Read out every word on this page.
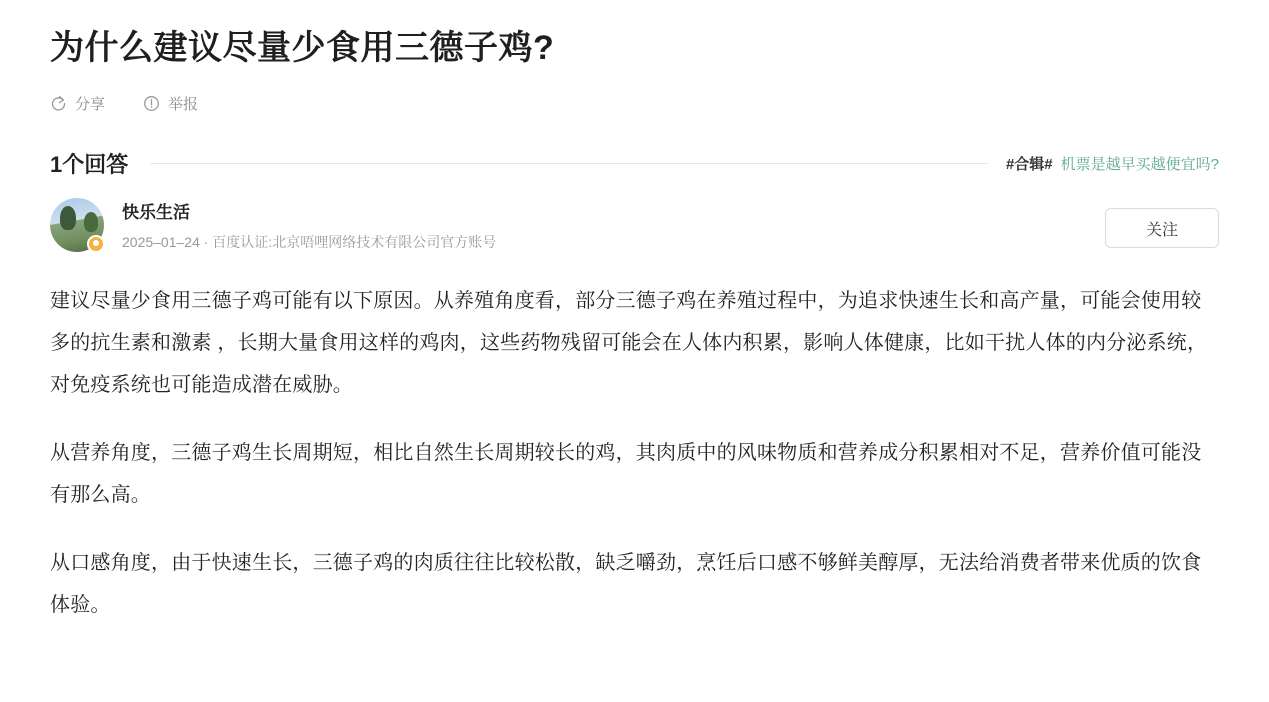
为什么建议尽量少食用三德子鸡?
分享	举报
1个回答	#合辑# 机票是越早买越便宜吗?
快乐生活
2025–01–24 · 百度认证:北京唔哩网络技术有限公司官方账号
关注

建议尽量少食用三德子鸡可能有以下原因。从养殖角度看，部分三德子鸡在养殖过程中，为追求快速生长和高产量，可能会使用较多的抗生素和激素 ，长期大量食用这样的鸡肉，这些药物残留可能会在人体内积累，影响人体健康，比如干扰人体的内分泌系统，对免疫系统也可能造成潜在威胁。

从营养角度，三德子鸡生长周期短，相比自然生长周期较长的鸡，其肉质中的风味物质和营养成分积累相对不足，营养价值可能没有那么高。

从口感角度，由于快速生长，三德子鸡的肉质往往比较松散，缺乏嚼劲，烹饪后口感不够鲜美醇厚，无法给消费者带来优质的饮食体验。
